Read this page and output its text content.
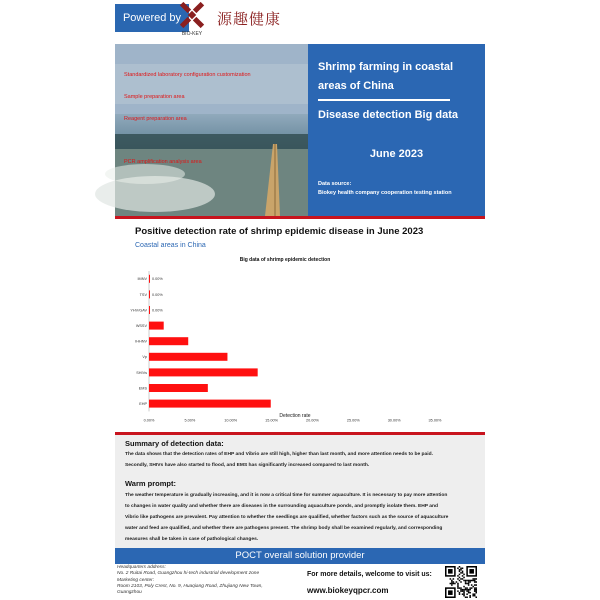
Powered by
BIO-KEY
源趣健康
Standardized laboratory configuration customization
Sample preparation area
Reagent preparation area
PCR amplification analysis area
Shrimp farming in coastal areas of China
Disease detection Big data
June 2023
Data source:
Biokey health company cooperation testing station
Positive detection rate of shrimp epidemic disease in June 2023
Coastal areas in China
Big data of shrimp epidemic detection
IMNV 0.00%
TSV 0.00%
YHV/GAV 0.00%
WSSV
IHHNV
Vp
SHIVs
EMS
EHP
0.00%	5.00%	10.00%	15.00%	20.00%	25.00%	30.00%	35.00%
Detection rate
Summary of detection data:
The data shows that the detection rates of EHP and Vibrio are still high, higher than last month, and more attention needs to be paid.
Secondly, SHIVs have also started to flood, and EMS has significantly increased compared to last month.
Warm prompt:
The weather temperature is gradually increasing, and it is now a critical time for summer aquaculture. It is necessary to pay more attention
to changes in water quality and whether there are diseases in the surrounding aquaculture ponds, and promptly isolate them. EHP and
Vibrio like pathogens are prevalent. Pay attention to whether the seedlings are qualified, whether factors such as the source of aquaculture
water and feed are qualified, and whether there are pathogens present. The shrimp body shall be examined regularly, and corresponding
measures shall be taken in case of pathological changes.
POCT overall solution provider
Headquarters address:
No. 2 Ruitai Road, Guangzhou hi-tech industrial development zone
Marketing center:
Room 2103, Poly Crest, No. 9, Huaqiang Road, Zhujiang New Town,
Guangzhou
For more details, welcome to visit us:
www.biokeyqpcr.com
